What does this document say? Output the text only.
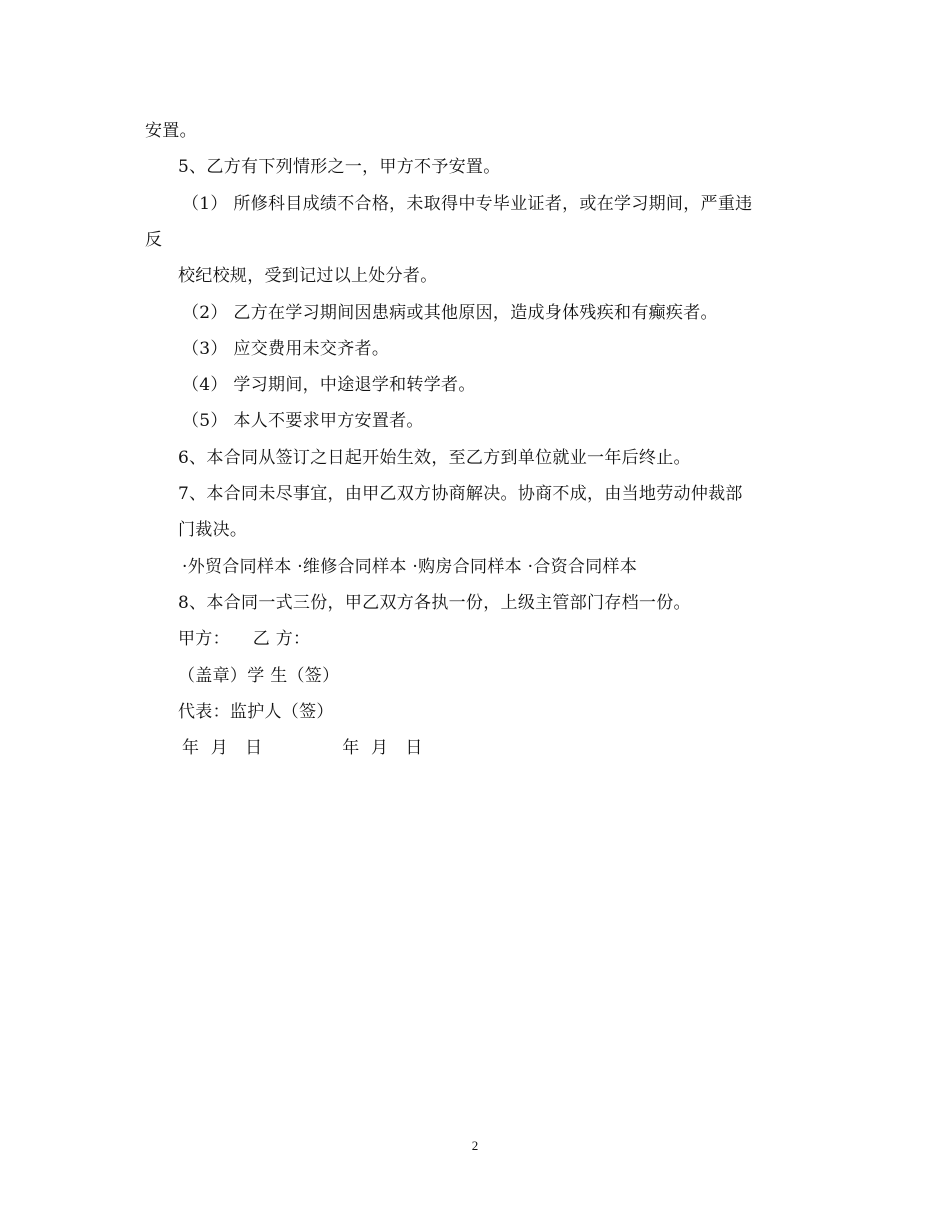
安置。
5、乙方有下列情形之一，甲方不予安置。
（1） 所修科目成绩不合格，未取得中专毕业证者，或在学习期间，严重违
反
校纪校规，受到记过以上处分者。
（2） 乙方在学习期间因患病或其他原因，造成身体残疾和有癫疾者。
（3） 应交费用未交齐者。
（4） 学习期间，中途退学和转学者。
（5） 本人不要求甲方安置者。
6、本合同从签订之日起开始生效，至乙方到单位就业一年后终止。
7、本合同未尽事宜，由甲乙双方协商解决。协商不成，由当地劳动仲裁部
门裁决。
·外贸合同样本 ·维修合同样本 ·购房合同样本 ·合资合同样本
8、本合同一式三份，甲乙双方各执一份，上级主管部门存档一份。
甲方：    乙 方：
（盖章）学 生（签）
代表：监护人（签）
年  月   日              年  月   日
2
